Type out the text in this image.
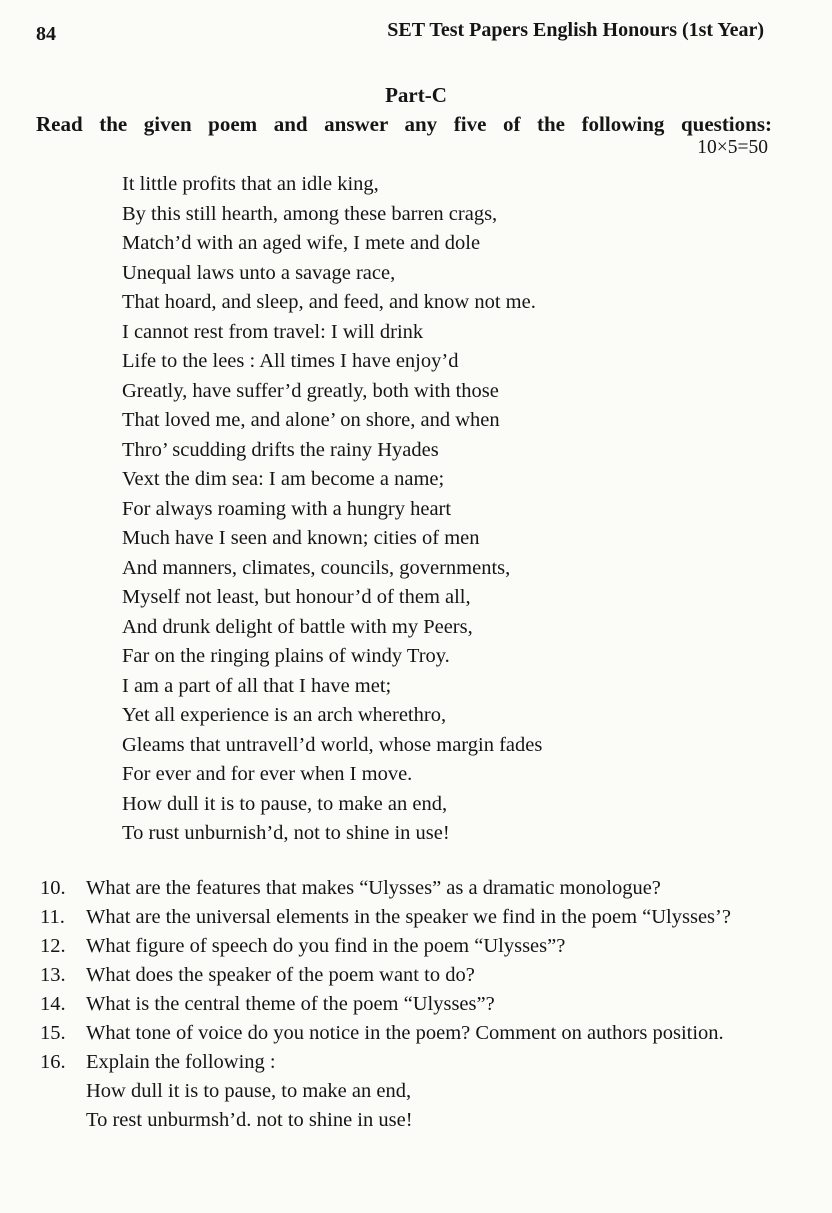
84	SET Test Papers English Honours (1st Year)
Part-C
Read the given poem and answer any five of the following questions:
10×5=50
It little profits that an idle king,
By this still hearth, among these barren crags,
Match’d with an aged wife, I mete and dole
Unequal laws unto a savage race,
That hoard, and sleep, and feed, and know not me.
I cannot rest from travel: I will drink
Life to the lees : All times I have enjoy’d
Greatly, have suffer’d greatly, both with those
That loved me, and alone’ on shore, and when
Thro’ scudding drifts the rainy Hyades
Vext the dim sea: I am become a name;
For always roaming with a hungry heart
Much have I seen and known; cities of men
And manners, climates, councils, governments,
Myself not least, but honour’d of them all,
And drunk delight of battle with my Peers,
Far on the ringing plains of windy Troy.
I am a part of all that I have met;
Yet all experience is an arch wherethro,
Gleams that untravell’d world, whose margin fades
For ever and for ever when I move.
How dull it is to pause, to make an end,
To rust unburnish’d, not to shine in use!
10. What are the features that makes “Ulysses” as a dramatic monologue?
11. What are the universal elements in the speaker we find in the poem “Ulysses’?
12. What figure of speech do you find in the poem “Ulysses”?
13. What does the speaker of the poem want to do?
14. What is the central theme of the poem “Ulysses”?
15. What tone of voice do you notice in the poem? Comment on authors position.
16. Explain the following :
How dull it is to pause, to make an end,
To rest unburmsh’d. not to shine in use!
